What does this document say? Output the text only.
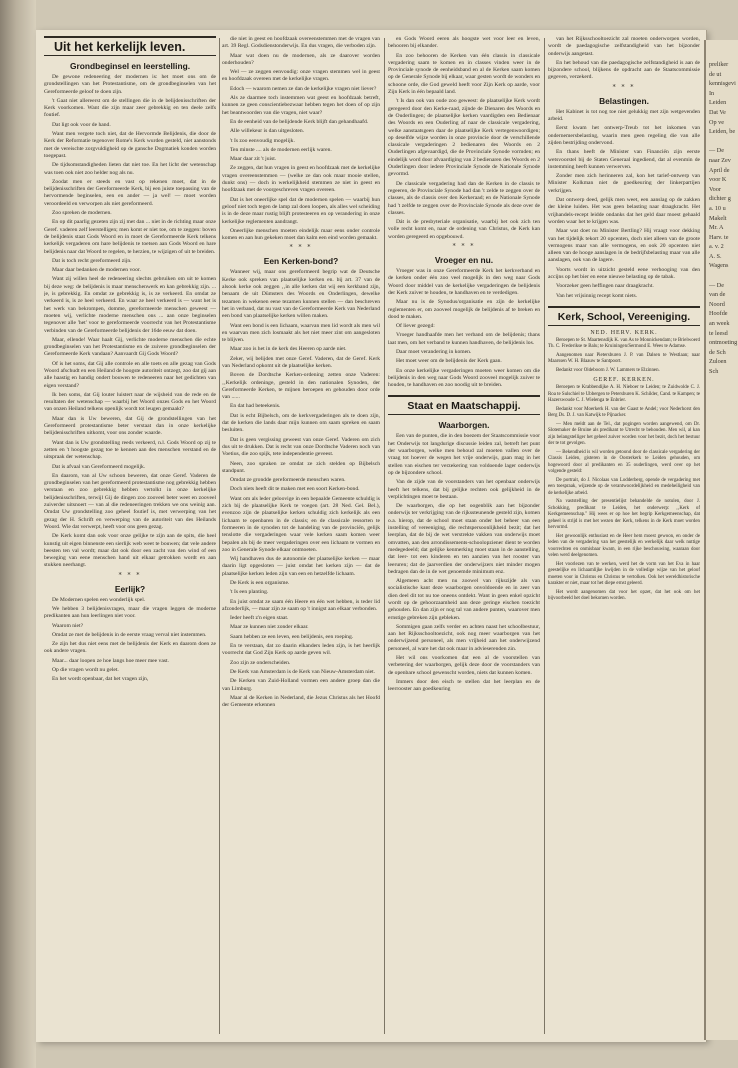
Uit het kerkelijk leven.
Grondbeginsel en leerstelling.

De gewone redeneering der modernen is: het moet ons om de grondstellingen van het Protestantisme, om de grondbeginselen van het Gereformeerde geloof te doen zijn.

't Gaat niet allereerst om de stellingen die in de belijdenisschriften der Kerk voorkomen. Want die zijn maar zeer gebrekkig en ten deele zelfs foutief.

Dat ligt ook voor de hand.

Want men vergete toch niet, dat de Hervormde Belijdenis, die door de Kerk der Reformatie tegenover Rome's Kerk wurden gesteld, niet aanstonds met de vereischte zorgvuldigheid op de gansche Dogmatiek konden worden toegepast.

De tijdsomstandigheden lieten dat niet toe. En het licht der wetenschap was toen ook niet zoo helder nog als nu.

Zoodat men er steeds en vast op rekenen moet, dat in de belijdenisschriften der Gereformeerde Kerk, bij een juiste toepassing van de hervormende beginselen, een en ander — ja wel! — moet worden veroordeeld en verworpen als niet gereformeerd.

Zoo spreken de modernen.

En op dit paarlig gezeten zijn zij met dan ... niet in de richting maar onze Geref. vaderen zelf leerstelligen; men komt er niet toe, om te zeggen: boven de belijdenis staat Gods Woord en in moet de Gereformeerde Kerk telkens kerkelijk vergaderen om hare belijdenis te toetsen aan Gods Woord en hare belijdenis naar dat Woord te regelen, te herzien, te wijzigen of uit te breiden.

Dat is toch recht gereformeerd zijn.

Maar daar bedanken de modernen voor.

Want zij willen heel de redeneering slechts gebruiken om uit te komen bij deze weg: de belijdenis is maar menschenwerk en kan gebrekkig zijn. ... je, is gebrekkig. En omdat ze gebrekkig is, is ze verkeerd. En omdat ze verkeerd is, is ze heel verkeerd. En waar ze heel verkeerd is — want het is het werk van bekrompen, domme, gereformeerde menschen geweest — moeten wij, verlichte moderne menschen ons ... aan onze beginselen tegenover alle 'het' voor te gereformeerde voorrecht van het Protestantisme verbinden van de Gereformeerde belijdenis der 16de eeuw dat doen.

Maar, ellende! Waar haalt Gij, verlichte moderne menschen die echte grondbeginselen van het Protestantisme en de zuivere grondbeginselen der Gereformeerde Kerk vandaan? Aanvaardt Gij Gods Woord?

Of is het soms, dat Gij alle controle en alle toets en alle gezag van Gods Woord afschudt en een Heiland de hoogste autoriteit ontzegt, zoo dat gij aan alle haastig en handig ondert bouwen te redeneeren naar het gedichten van eigen verstand?

Ik ben soms, dat Gij louter luistert naar de wijsheid van de rede en de resultaten der wetenschap — waarbij het Woord onzes Gods en het Woord van onzen Heiland telkens openlijk wordt tot leugen gemaakt?

Maar dan is Uw beweren, dat Gij de grondstellingen van het Gereformeerd protestantisme beter verstaat dan in onze kerkelijke belijdenisschriften uitkomt, voor ons zonder waarde.

Want dan is Uw grondstelling reeds verkeerd, n.l. Gods Woord op zij te zetten en 't hoogste gezag toe te kennen aan des menschen verstand en de uitspraak der wetenschap.

Dat is afvaal van Gereformeerd mogelijk.

En daarom, van al Uw schoon beweren, dat onze Geref. Vaderen de grondbeginselen van het gereformeerd protestantisme nog gebrekkig hebben verstaan en zoo gebrekkig hebben vertolkt in onze kerkelijke belijdenisschriften, terwijl Gij de dingen zoo zooveel beter weet en zooveel zuiverder uitsnoert — van al die redeneeringen trekken we ons weinig aan. Omdat Uw grondstelling zoo geheel foutief is, met verwerping van het gezag der H. Schrift en verwerping van de autoriteit van des Heilands Woord. Wie dat verwerpt, heeft voor ons geen gezag.

De Kerk komt dan ook voor onze gelijke te zijn aan de spits, die heel kunstig uit eigen binnenste een sierlijk web weet te bouwen; dat vele andere beesten ten val wordt; maar dat ook door een zacht van den wind of een beweging van eene menschen hand uit elkaar getrokken wordt en aan stukken neerhangt.

* * *
Eerlijk?

De Modernen spelen een wonderlijk spel.

We hebben 3 belijdenisvragen, maar die vragen leggen de moderne predikanten aan hun leerlingen niet voor.

Waarom niet?

Omdat ze met de belijdenis in de eerste vraag verval niet instemmen.

Ze zijn het dus niet eens met de belijdenis der Kerk en daarom doen ze ook andere vragen.

Maar... daar loopen ze hoe langs hoe meer mee vast.

Op die vragen wordt nu gelet.

En het wordt openbaar, dat het vragen zijn,

die niet in geest en hoofdzaak overeenstemmen met de vragen van art. 39 Regl. Godsdienstonderwijs. En dus vragen, die verboden zijn.

Maar wat doen nu de modernen, als ze daarover worden onderhouden?

Wel — ze zeggen eenvoudig: onze vragen stemmen wel in geest en hoofdzaak overeen met de kerkelijke vragen.

Edoch — waarom nemen ze dan de kerkelijke vragen niet liever?

Als ze daarmee toch instemmen wat geest en hoofdzaak betreft, kunnen ze geen conscientiebezwaar hebben tegen het doen of op zijn het beantwoorden van die vragen, niet waar?

En de eenheid van de belijdende Kerk blijft dan gehandhaafd.

Alle willekeur is dan uitgesloten.

't Is zoo eenvoudig mogelijk.

Ten minste .... als de modernen eerlijk waren.

Maar daar zit 't juist.

Ze zeggen, dat hun vragen in geest en hoofdzaak met de kerkelijke vragen overeenstemmen — (welke ze dan ook maar mooie stellen, dunkt ons) — doch in werkelijkheid stemmen ze niet in geest en hoofdzaak met de voorgeschreven vragen overeen.

Dat is het oneerlijke spel dat de modernen spelen — waarbij hun geloof niet toch tegen de lamp zal doen loopen, als alles wel scheiding is in de deze maar rustig blijft protesteeren en op verandering in onze kerkelijke reglementen aandrangt.

Oneerlijke menschen moeten eindelijk maar eens onder controle komen en aan hun gekeken moet dan kalm een eind worden gemaakt.

* * *
Een Kerken-bond?

Wanneer wij, maar ons gereformeerd begrip wat de Deutsche Kerke ook spreken van plaatselijke kerken en. bij art. 37 van de alsook kerke ook zeggen ‚‚in alle kerken dat wij een kerkband zijn, benaam de uit Dümsters des Woords en Onderlingen, dewelke tezamen in wekenen eene tezamen kunnen stellen — dan beschreven het in verband, dat nu vast van de Gereformeerde Kerk van Nederland een bond van plaatselijke kerken willen maken.

Want een bond is een lichaam, waarvan men lid wordt als men wil en waarvan men zich losmaakt als het niet meer zint om aangesloten te blijven.

Maar zoo is het in de kerk des Heeren op aarde niet.

Zeker, wij belijden met onze Geref. Vaderen, dat de Geref. Kerk van Nederland opkomt uit de plaatselijke kerken.

Boven de Dordtsche Kerken-ordening zetten onze Vaderen: ‚‚Kerkelijk ordeninge, gesteld in den nationalen Synoden, der Gereformeerde Kerken, te mijnen beroepen en gehouden door orde van ......

En dat had beteekenis.

Dat is echt Bijbelsch, om de kerkvergaderingen als te doen zijn, dat de kerken die lands daar mijn kunnen om saam spreken en saam besluiten.

Dat is geen vergissing geweest van onze Geref. Vaderen om zich dus uit te drukken. Dat is recht van onze Dordtsche Vaderen noch van Voetius, die zoo spijk, tete independentie geveest.

Neen, zoo spraken ze omdat ze zich stelden op Bijbelsch standpunt.

Omdat ze grondde gereformeerde menschen waren.

Doch niets heeft dit te maken met een soort Kerken-bond.

Want om als leder geloovige in een bepaalde Gemeente schuldig is zich bij de plaatselijke Kerk te voegen (art. 28 Ned. Gel. Bel.), evenzoo zijn de plaatselijke kerken schuldig zich kerkelijk als een lichaam te openbaren in de classis; en de classicale ressorten te formeeren in de synoden tot de handeling van de provinciën, gelijk tenslotte die vergaderingen waar vele kerken saam komen weer bepalen als bij de meer vergaderingen over een lichaam te vormen en zoo in Generale Synode elkaar ontmoeten.

Wij handhaven dus de autonomie der plaatselijke kerken — maar daarin ligt opgesloten — juist omdat het kerken zijn — dat de plaatselijke kerken leden zijn van een en hetzelfde lichaam.

De Kerk is een organisme.

't Is een planting.

En juist omdat ze saam één Heere en één wet hebben, is teder lid afzonderlijk, — maar zijn ze saam op 't innigst aan elkaar verbonden.

Ieder heeft z'n eigen staat.

Maar ze kunnen niet zonder elkaar.

Saam hebben ze een leven, een belijdenis, een roeping.

En te verstaan, dat zo daarin elkanders leden zijn, is het heerlijk voorrecht dat God Zijn Kerk op aarde geven wil.

Zoo zijn ze onderscheiden.

De Kerk van Amsterdam is de Kerk van Nieuw-Amsterdam niet.

De Kerken van Zuid-Holland vormen een andere groep dan die van Limburg.

Maar al de Kerken in Nederland, die Jezus Christus als het Hoofd der Gemeente erkennen

en Gods Woord eeren als hoogste wet voor leer en leven, behooren bij elkander.

En zoo behooren de Kerken van één classis in classicale vergadering saam te komen en in classes vinden weer in de Provinciale synode de eenheidsband en al de Kerken saam komen op de Generale Synode bij elkaar, waar gesten wordt de wonders en schoone orde, die God geweld heeft voor Zijn Kerk op aarde, voor Zijn Kerk in één bepaald land.

't Is dan ook van oude zoo geweest: de plaatselijke Kerk wordt geregeerd door den Kerke-raad, zijnde de Dienaren des Woords en de Ouderlingen; de plaatselijke kerken vaardigden een Bedienaar des Woords en een Ouderling af naar de classicale vergadering, welke aanstaatsgeen daar de plaatselijke Kerk vertegenwoordigen; op deselfde wijze worden in onze provincie door de verschillende classicale vergaderingen 2 bedienaren des Woords en 2 Ouderlingen afgevaardigd, die de Provinciale Synode vormden; en eindelijk word door afvaardiging van 2 bedienaren des Woords en 2 Ouderlingen door iedere Provinciale Synode de Nationale Synode gevormd.

De classicale vergadering had dan de Kerken in de classis te regeeren, de Provinciale Synode had dan 't zelde te zeggen over de classes, als de classis over den Kerkeraad; en de Nationale Synode had 't zelfde te zeggen over de Provinciale Synode als deze over de classes.

Dát is de presbyteriale organisatie, waarbij het ook zich ten volle recht komt en, naar de ordening van Christus, de Kerk kan worden geregeerd en opgebouwd.

* * *
Vroeger en nu.

Vroeger was in onze Gereformeerde Kerk het kerkverband en de kerken onder één zoo veel mogelijk in den weg naar Gods Woord door middel van de kerkelijke vergaderingen de belijdenis der Kerk zuiver te houden, te handhaven en te verdedigen.

Maar nu is de Synodus/organisatie en zijn de kerkelijke reglementen er, om zooveel mogelijk de belijdenis af te breken en dood te maken.

Of liever gezegd:

Vroeger handhaafde men het verband om de belijdenis; thans laat men, om het verband te kunnen handhaven, de belijdenis los.

Daar moet verandering in komen.

Het moet weer om de belijdenis der Kerk gaan.

En onze kerkelijke vergaderingen moeten weer komen om die belijdenis in den weg naar Gods Woord zooveel mogelijk zuiver te houden, te handhaven en zoo noodig uit te breiden.

Staat en Maatschappij.
Waarborgen.

Een van de punten, die in den boezem der Staatscommissie voor het Onderwijs tot langdurige discussie leiden zal, betreft het punt der waarborgen, welke men behoud zal moeten vallen over de vraag tot hoever de wegen het vrije onderwijs, gaan mag in het stellen van eischen ter verzekering van voldoende lager onderwijs op de bijzondere school.

Van de zijde van de voorstanders van het openbaar onderwijs heeft het telkens, dat bij gelijke rechten ook gelijkheid in de verplichtingen moet te bestaan.

De waarborgen, die op het oogenblik aan het bijzonder onderwijs ter verkrijging van de rijkssteunende gesteld zijn, komen o.a. hierop, dat de school moet staan onder het beheer van een instelling of vereeniging, die rechtspersoonlijkheid bezit; dat het leerplan, dat de bij de wet verstrekte vakken van onderwijs moet omvatten, aan den arrondissements-schoolopziener dient te worden medegedeeld; dat gelijke kenmerking moet staan in de aanstelling, dat leer- tot een kinderen en ten aanzien van het rooster van leeruren; dat de jaarverdien der onderwijzers niet minder mogen bedragen dan de in de wet genoemde minimum enz.

Algemeen acht men nu zoowel van rijkszijde als van socialistische kant deze waarborgen onvoldoende en in zeer van dien deel dit tot nu toe oneens ontdekt. Want in geen enkel opzicht wordt op de gehoorzaamheid aan deze geringe eischen toezicht gehouden. En dan zijn er nog tal van andere punten, waarover men ernstige gebreken zijn gebleken.

Sommigen gaan zelfs verder en achten naast het schoolbestuur, aan het Rijksschooltoezicht, ook nog meer waarborgen van het onderwijzend personeel, als men vrijheid aan het onderwijzend personeel, al ware het dat ook maar in advieserenden zin.

Het wil ons voorkomen dat een al de voorstellen van verbetering der waarborgen, gelijk deze door de voorstanders van de openbare school gewenscht worden, niets dat kunnen komen.

Immers door den eisch te stellen dat het leerplan en de leerrooster aan goedkeuring

van het Rijksschooltoezicht zal moeten onderworpen worden, wordt de paedagogische zelfstandigheid van het bijzonder onderwijs aangetast.

En het behoud van die paedagogische zelfstandigheid is aan de bijzondere school, blijkens de opdracht aan de Staatscommissie gegeven, verzekerd.

* * *
Belastingen.

Het Kabinet is tot nog toe niet gelukkig met zijn wetgevenden arbeid.

Eerst kwam het ontwerp-Treub tot het inkomen van ondernemersbelasting, waarin men geen regeling die van alle zijden bestrijding ondervond.

En thans heeft de Minister van Financiën zijn eerste wetsvoorstel bij de Staten Generaal ingediend, dat al evenmin de instemming heeft kunnen verwerven.

Zonder men zich herinneren zal, kon het tarief-ontwerp van Minister Kolkman niet de goedkeuring der linkerpartijen verkrijgen.

Dat ontwerp deed, gelijk men weet, een aanslag op de zakken der kleine luiden. Het was geen belasting naar draagkracht. Het vrijhandels-recept leidde ondanks dat het geld daar moest gehaald worden waar het te krijgen was.

Maar wat doet nu Minister Bertling? Hij vraagt voor dekking van het tijdelijk tekort 20 opcenten, doch niet alleen van de groote vermogens maar van alle vermogens, en ook 20 opcenten niet alleen van de hooge aanslagen in de bedrijfsbelasting maar van alle aanslagen, ook van de lagere.

Voorts wordt in uitzicht gesteld eene verhooging van den accijns op het bier en eene nieuwe belasting op de tabak.

Voorzeker geen heffingen naar draagkracht.

Van het vrijsinnig recept komt niets.

Kerk, School, Vereeniging.
NED. HERV. KERK.

Beroepen te St. Maartensdijk K. van As te Monnickendam; te Brielwoerd Th. C. Frederikse te Balu; te Kruiningen/Sermond E. Wees te Adamse.

Aangenomen naar Pietersburen J. P. van Dalsen te Westlaan; naar Maarssen W. H. Blaauw te Santpoort.

Bedankt voor Oldeboorn J. W. Lammers te Elzinnen.

GEREF. KERKEN.

Beroepen te Krabbendijke A. H. Nieboer te Leiden; te Zuidwolde C. J. Roa te Sulschiel te Ubbergen te Petersburen K. Schilder, Cand. te Kampen; te Hazerswoude C. J. Wielenga te Enbrier.

Bedankt voor Moerkerk H. van der Gaast te Andel; voor Nederhorst den Berg Ds. D. J. van Katwijk te Pijnacker.

— Men meldt aan de Tel., dat pogingen worden aangewend, om Dr. Slotemaker de Bruine als predikant te Utrecht te behouden. Men wil, al kan zijn belangstelliger het geheel zuiver worden voor het bezit, doch het bestuur der te tot gevolgen.

— Bekendheid is wil worden getoond door de classicale vergadering der Classis Leiden, gisteren in de Oosterkerk te Leiden gehouden, om hogewoord door al predikanten en 35 ouderlingen, werd over op het volgende gesteld:

De portrait, do J. Nicolaas van Lodderberg, opende de vergadering met een toespraak, wijzende op de verantwoordelijkheid en medeheiligheid van de kerkelijke arbeid.

Na vaststelling der presentielijst behandelde de notulen, door J. Schokking, predikant te Leiden, het onderwerp: ‚‚Kerk of Kerkgemeenschap.'' Hij wees er op hoe het begrip Kerkgemeenschap, dat geheel is strijd is met het wezen der Kerk, telkens in de Kerk moet worden hervormd.

Het gewoonlijk enthusiast en de Heer hem moest gewoon, en onder de leden van de vergadering van het geestelijk en werkelijk daar welk nuttige voorrechten en onmisbaar kwam, in een rijke beschouwing, waaraan door velen werd deelgenomen.

Het voorlezen van te werken, werd het de vorm van het Eva in haar geestelijke en lichaamlijke kwijden in de volledige wijze van het geloof moeten voor in Christus en Christus te vertolken. Ook het wereldhistorische karakter er niet, maar tot het diepe ernst geleerd.

Het wordt aangenomen dat voor het opzet, dat het ook om het bijvoorbeeld het doel bekomen worden.

preliker
de ut
kennisgevi
In
Leiden
Dat Ve
Op ve
Leiden, be

— De
naar Zev
April de
voor K
Voor
dichter g
a. 10 u
Makelt
Mr. A
Harv. te
a. v. 2
A. S.
Wagens

— De
van de
Noord
Hoofde
an week
te leesd
ontmoeting
de Sch
Zuloen
Sch
